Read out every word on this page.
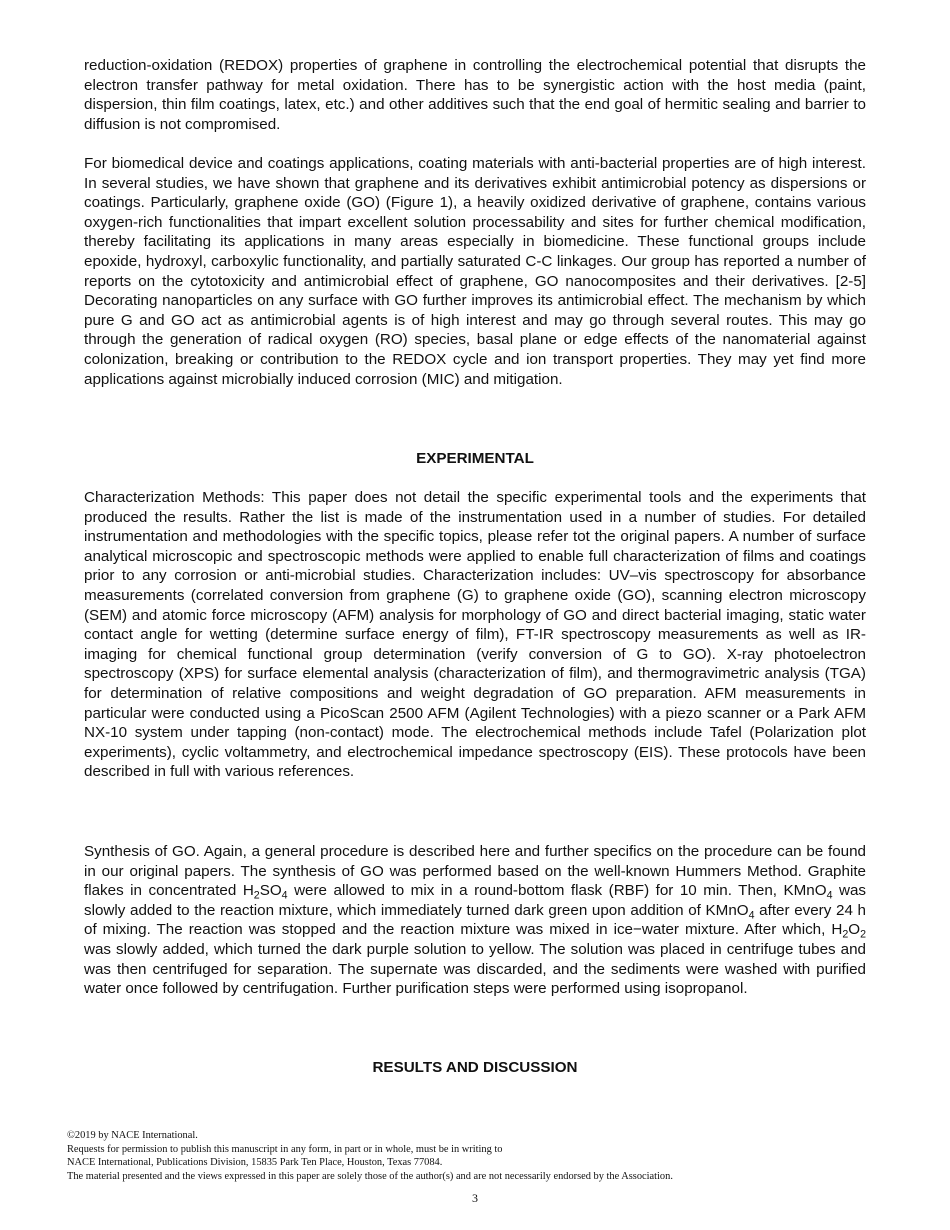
reduction-oxidation (REDOX) properties of graphene in controlling the electrochemical potential that disrupts the electron transfer pathway for metal oxidation. There has to be synergistic action with the host media (paint, dispersion, thin film coatings, latex, etc.) and other additives such that the end goal of hermitic sealing and barrier to diffusion is not compromised.

For biomedical device and coatings applications, coating materials with anti-bacterial properties are of high interest. In several studies, we have shown that graphene and its derivatives exhibit antimicrobial potency as dispersions or coatings. Particularly, graphene oxide (GO) (Figure 1), a heavily oxidized derivative of graphene, contains various oxygen-rich functionalities that impart excellent solution processability and sites for further chemical modification, thereby facilitating its applications in many areas especially in biomedicine. These functional groups include epoxide, hydroxyl, carboxylic functionality, and partially saturated C-C linkages. Our group has reported a number of reports on the cytotoxicity and antimicrobial effect of graphene, GO nanocomposites and their derivatives. [2-5] Decorating nanoparticles on any surface with GO further improves its antimicrobial effect. The mechanism by which pure G and GO act as antimicrobial agents is of high interest and may go through several routes. This may go through the generation of radical oxygen (RO) species, basal plane or edge effects of the nanomaterial against colonization, breaking or contribution to the REDOX cycle and ion transport properties. They may yet find more applications against microbially induced corrosion (MIC) and mitigation.

EXPERIMENTAL

Characterization Methods: This paper does not detail the specific experimental tools and the experiments that produced the results. Rather the list is made of the instrumentation used in a number of studies. For detailed instrumentation and methodologies with the specific topics, please refer tot the original papers. A number of surface analytical microscopic and spectroscopic methods were applied to enable full characterization of films and coatings prior to any corrosion or anti-microbial studies. Characterization includes: UV–vis spectroscopy for absorbance measurements (correlated conversion from graphene (G) to graphene oxide (GO), scanning electron microscopy (SEM) and atomic force microscopy (AFM) analysis for morphology of GO and direct bacterial imaging, static water contact angle for wetting (determine surface energy of film), FT-IR spectroscopy measurements as well as IR-imaging for chemical functional group determination (verify conversion of G to GO). X-ray photoelectron spectroscopy (XPS) for surface elemental analysis (characterization of film), and thermogravimetric analysis (TGA) for determination of relative compositions and weight degradation of GO preparation. AFM measurements in particular were conducted using a PicoScan 2500 AFM (Agilent Technologies) with a piezo scanner or a Park AFM NX-10 system under tapping (non-contact) mode. The electrochemical methods include Tafel (Polarization plot experiments), cyclic voltammetry, and electrochemical impedance spectroscopy (EIS). These protocols have been described in full with various references.

Synthesis of GO. Again, a general procedure is described here and further specifics on the procedure can be found in our original papers. The synthesis of GO was performed based on the well-known Hummers Method. Graphite flakes in concentrated $H_2SO_4$ were allowed to mix in a round-bottom flask (RBF) for 10 min. Then, KMnO$_4$ was slowly added to the reaction mixture, which immediately turned dark green upon addition of KMnO$_4$ after every 24 h of mixing. The reaction was stopped and the reaction mixture was mixed in ice−water mixture. After which, $H_2O_2$ was slowly added, which turned the dark purple solution to yellow. The solution was placed in centrifuge tubes and was then centrifuged for separation. The supernate was discarded, and the sediments were washed with purified water once followed by centrifugation. Further purification steps were performed using isopropanol.

RESULTS AND DISCUSSION
©2019 by NACE International.
Requests for permission to publish this manuscript in any form, in part or in whole, must be in writing to
NACE International, Publications Division, 15835 Park Ten Place, Houston, Texas 77084.
The material presented and the views expressed in this paper are solely those of the author(s) and are not necessarily endorsed by the Association.
3
